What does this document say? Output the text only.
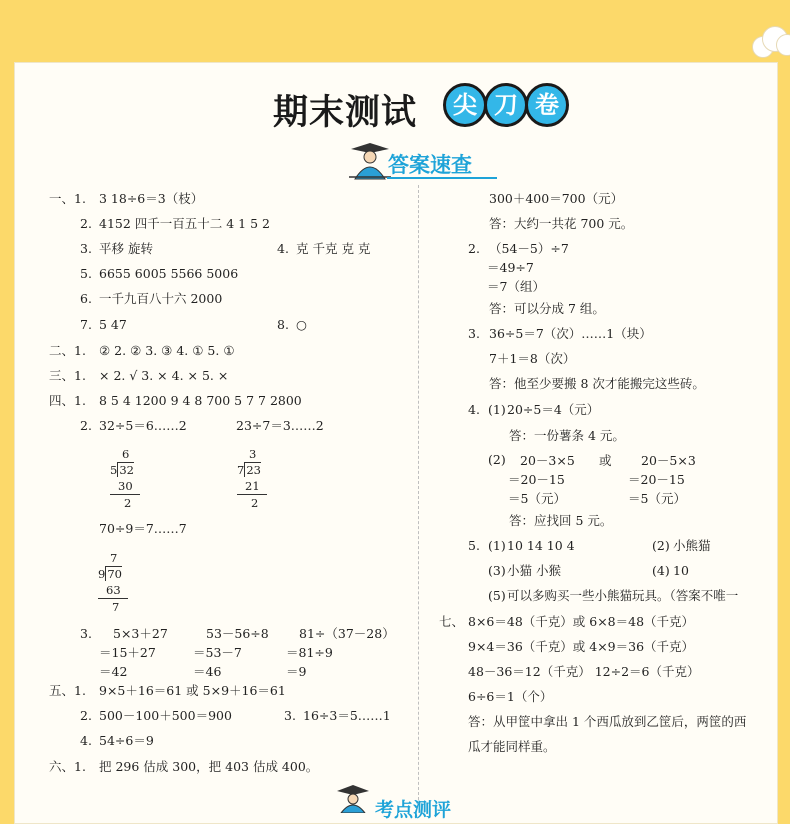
期末测试	尖 刀 卷
答案速查
一、1. 3 18÷6＝3（枝）
2. 4152 四千一百五十二 4 1 5 2
3. 平移 旋转	4. 克 千克 克 克
5. 6655 6005 5566 5006
6. 一千九百八十六 2000
7. 5 47	8. ○
二、1. ② 2. ② 3. ③ 4. ① 5. ①
三、1. × 2. √ 3. × 4. × 5. ×
四、1. 8 5 4 1200 9 4 8 700 5 7 7 2800
2. 32÷5＝6……2	23÷7＝3……2
70÷9＝7……7
3. 5×3＋27	53－56÷8 81÷（37－28）
＝15＋27	＝53－7	＝81÷9
＝42	＝46	＝9
五、1. 9×5＋16＝61 或 5×9＋16＝61
2. 500－100＋500＝900	3. 16÷3＝5……1
4. 54÷6＝9
六、1. 把 296 估成 300，把 403 估成 400。
300＋400＝700（元）
答：大约一共花 700 元。
2. （54－5）÷7
＝49÷7
＝7（组）
答：可以分成 7 组。
3. 36÷5＝7（次）……1（块）
7＋1＝8（次）
答：他至少要搬 8 次才能搬完这些砖。
4. (1) 20÷5＝4（元）
答：一份薯条 4 元。
(2) 20－3×5 或 20－5×3
＝20－15	＝20－15
＝5（元）	＝5（元）
答：应找回 5 元。
5. (1) 10 14 10 4	(2) 小熊猫
(3) 小猫 小猴	(4) 10
(5) 可以多购买一些小熊猫玩具。（答案不唯一
七、 8×6＝48（千克）或 6×8＝48（千克）
9×4＝36（千克）或 4×9＝36（千克）
48－36＝12（千克） 12÷2＝6（千克）
6÷6＝1（个）
答：从甲筐中拿出 1 个西瓜放到乙筐后，两筐的西
瓜才能同样重。
6
5 32
30
2
3
7 23
21
2
7
9 70
63
7
考点测评
